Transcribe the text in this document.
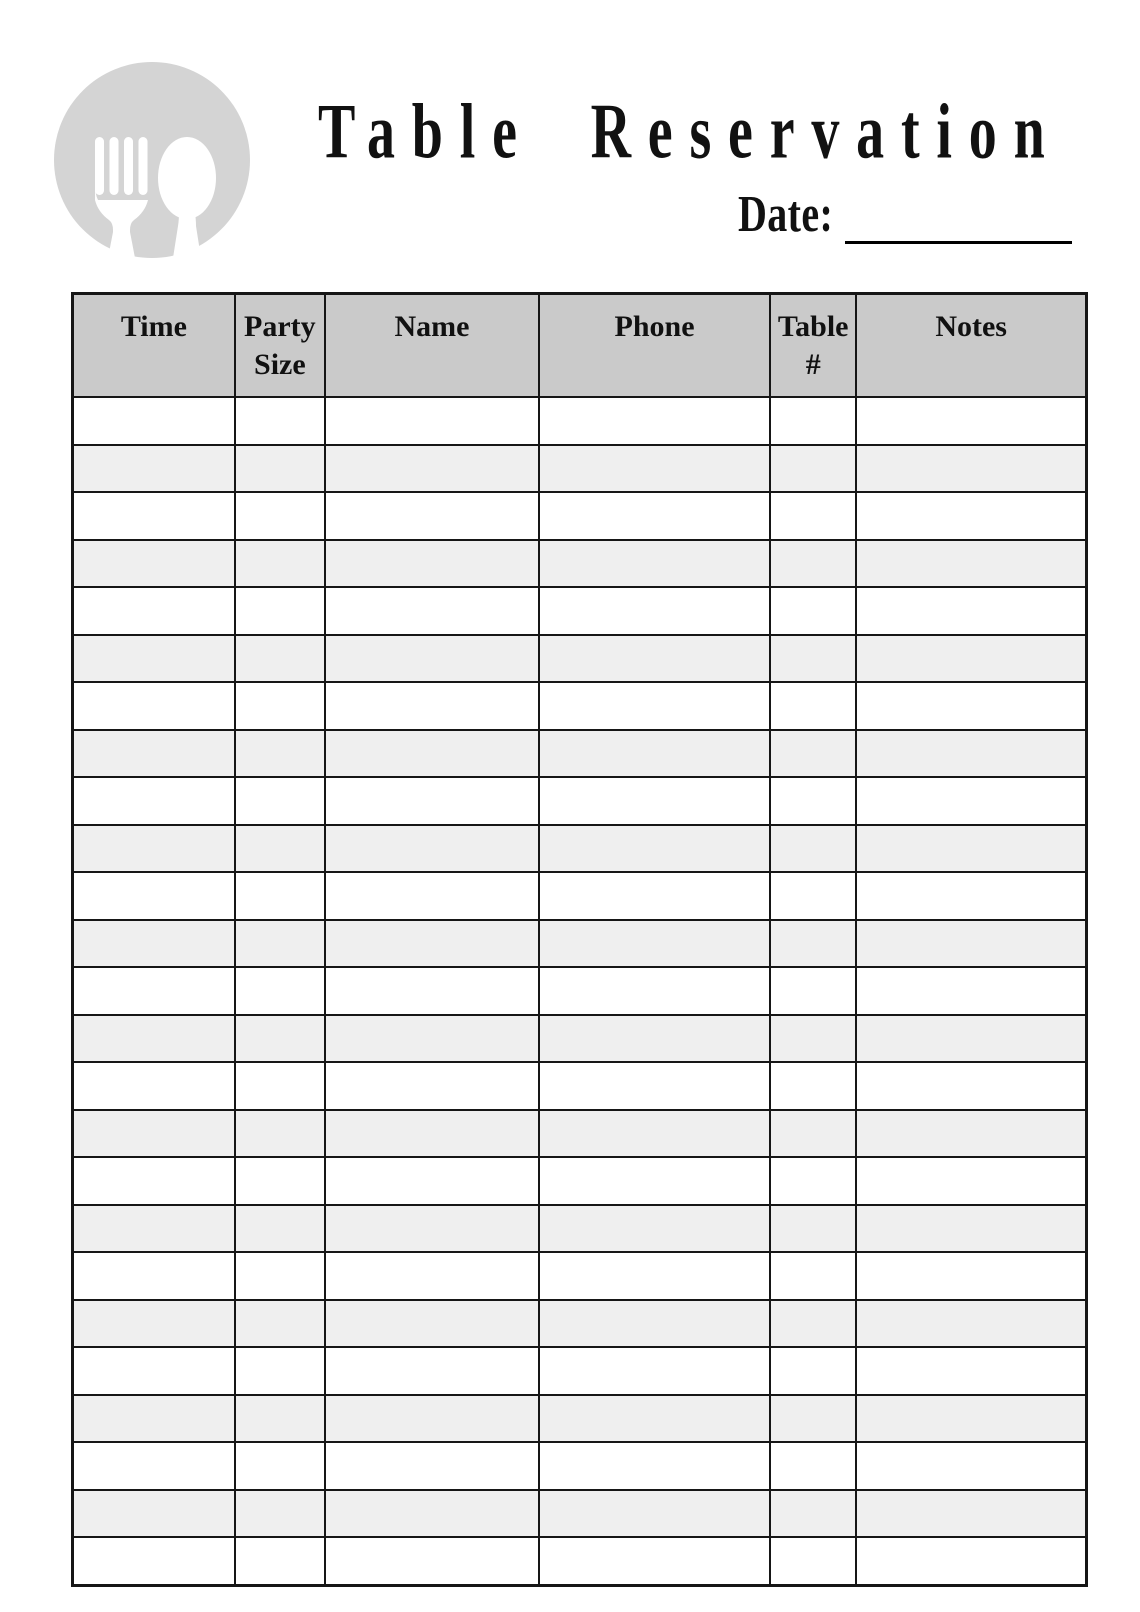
Table Reservation
Date:
Time	Party Size	Name	Phone	Table #	Notes
